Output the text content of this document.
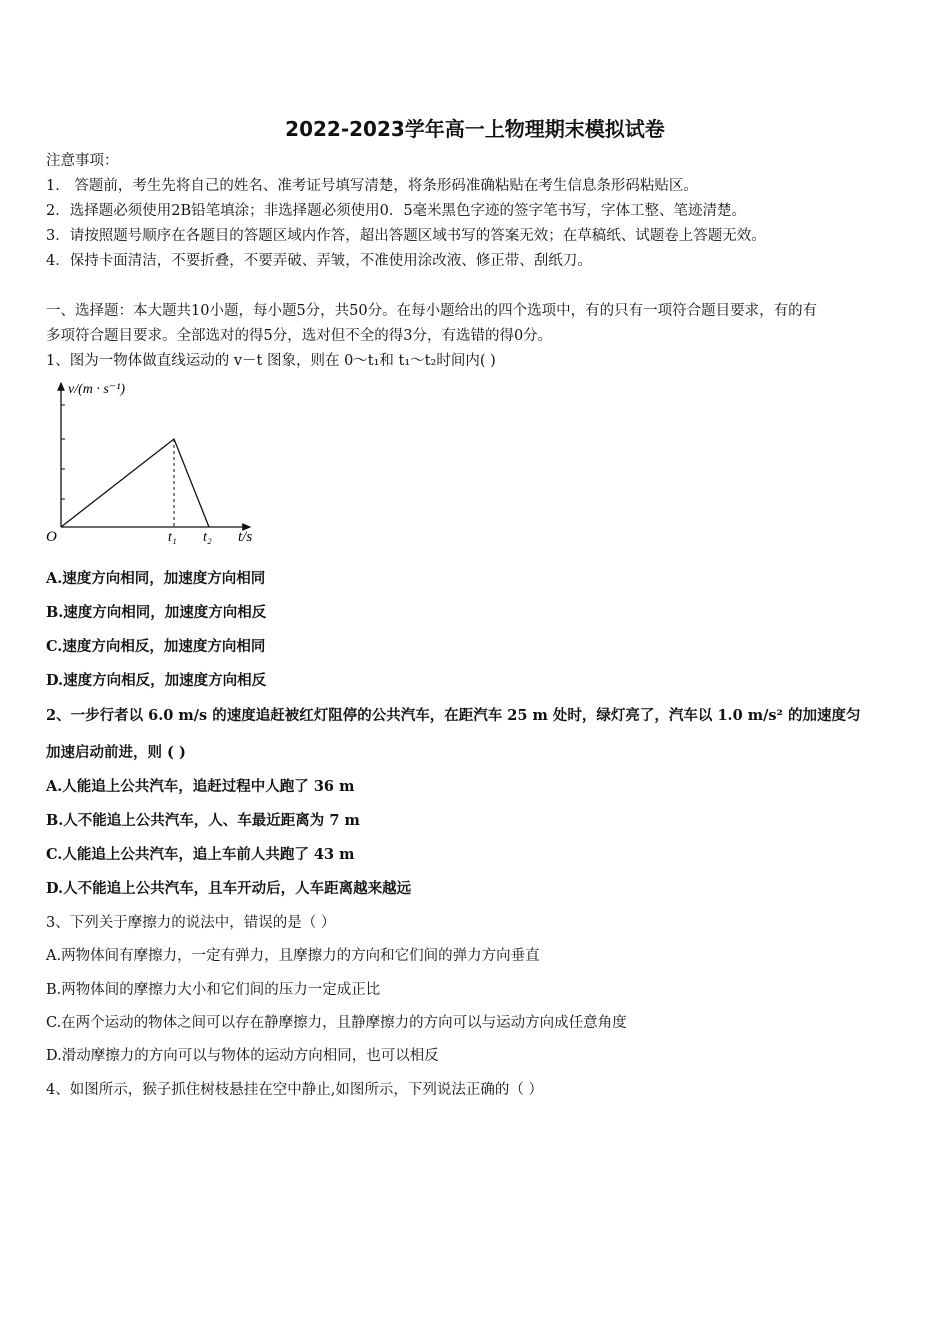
2022-2023学年高一上物理期末模拟试卷
注意事项：
1． 答题前，考生先将自己的姓名、准考证号填写清楚，将条形码准确粘贴在考生信息条形码粘贴区。
2．选择题必须使用2B铅笔填涂；非选择题必须使用0．5毫米黑色字迹的签字笔书写，字体工整、笔迹清楚。
3．请按照题号顺序在各题目的答题区域内作答，超出答题区域书写的答案无效；在草稿纸、试题卷上答题无效。
4．保持卡面清洁，不要折叠，不要弄破、弄皱，不准使用涂改液、修正带、刮纸刀。
一、选择题：本大题共10小题，每小题5分，共50分。在每小题给出的四个选项中，有的只有一项符合题目要求，有的有
多项符合题目要求。全部选对的得5分，选对但不全的得3分，有选错的得0分。
1、图为一物体做直线运动的 v－t 图象，则在 0～t₁和 t₁～t₂时间内( )
v/(m · s⁻¹)
O	t₁ t₂ t/s
A.速度方向相同，加速度方向相同
B.速度方向相同，加速度方向相反
C.速度方向相反，加速度方向相同
D.速度方向相反，加速度方向相反
2、一步行者以 6.0 m/s 的速度追赶被红灯阻停的公共汽车，在距汽车 25 m 处时，绿灯亮了，汽车以 1.0 m/s² 的加速度匀
加速启动前进，则 ( )
A.人能追上公共汽车，追赶过程中人跑了 36 m
B.人不能追上公共汽车，人、车最近距离为 7 m
C.人能追上公共汽车，追上车前人共跑了 43 m
D.人不能追上公共汽车，且车开动后，人车距离越来越远
3、下列关于摩擦力的说法中，错误的是（ ）
A.两物体间有摩擦力，一定有弹力，且摩擦力的方向和它们间的弹力方向垂直
B.两物体间的摩擦力大小和它们间的压力一定成正比
C.在两个运动的物体之间可以存在静摩擦力，且静摩擦力的方向可以与运动方向成任意角度
D.滑动摩擦力的方向可以与物体的运动方向相同，也可以相反
4、如图所示，猴子抓住树枝悬挂在空中静止,如图所示，下列说法正确的（ ）
